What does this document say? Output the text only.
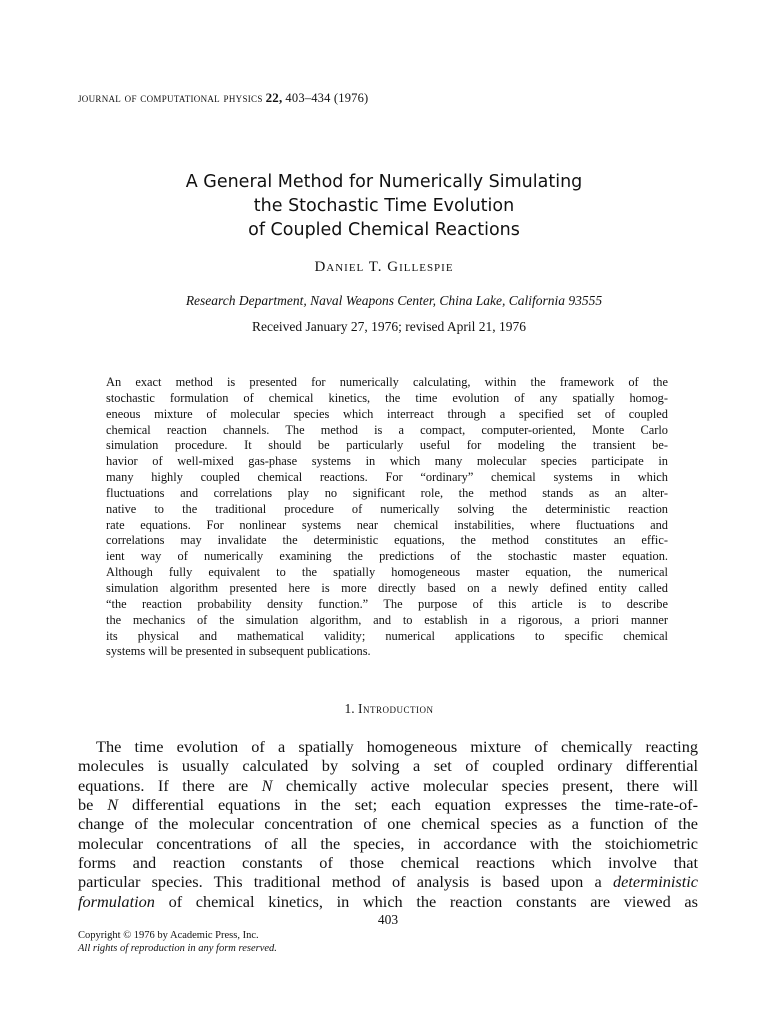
journal of computational physics 22, 403–434 (1976)
A General Method for Numerically Simulating
the Stochastic Time Evolution
of Coupled Chemical Reactions
Daniel T. Gillespie
Research Department, Naval Weapons Center, China Lake, California 93555
Received January 27, 1976; revised April 21, 1976
An exact method is presented for numerically calculating, within the framework of the
stochastic formulation of chemical kinetics, the time evolution of any spatially homog-
eneous mixture of molecular species which interreact through a specified set of coupled
chemical reaction channels. The method is a compact, computer-oriented, Monte Carlo
simulation procedure. It should be particularly useful for modeling the transient be-
havior of well-mixed gas-phase systems in which many molecular species participate in
many highly coupled chemical reactions. For “ordinary” chemical systems in which
fluctuations and correlations play no significant role, the method stands as an alter-
native to the traditional procedure of numerically solving the deterministic reaction
rate equations. For nonlinear systems near chemical instabilities, where fluctuations and
correlations may invalidate the deterministic equations, the method constitutes an effic-
ient way of numerically examining the predictions of the stochastic master equation.
Although fully equivalent to the spatially homogeneous master equation, the numerical
simulation algorithm presented here is more directly based on a newly defined entity called
“the reaction probability density function.” The purpose of this article is to describe
the mechanics of the simulation algorithm, and to establish in a rigorous, a priori manner
its physical and mathematical validity; numerical applications to specific chemical
systems will be presented in subsequent publications.
1. Introduction
The time evolution of a spatially homogeneous mixture of chemically reacting
molecules is usually calculated by solving a set of coupled ordinary differential
equations. If there are N chemically active molecular species present, there will
be N differential equations in the set; each equation expresses the time-rate-of-
change of the molecular concentration of one chemical species as a function of the
molecular concentrations of all the species, in accordance with the stoichiometric
forms and reaction constants of those chemical reactions which involve that
particular species. This traditional method of analysis is based upon a deterministic
formulation of chemical kinetics, in which the reaction constants are viewed as
403
Copyright © 1976 by Academic Press, Inc.
All rights of reproduction in any form reserved.
